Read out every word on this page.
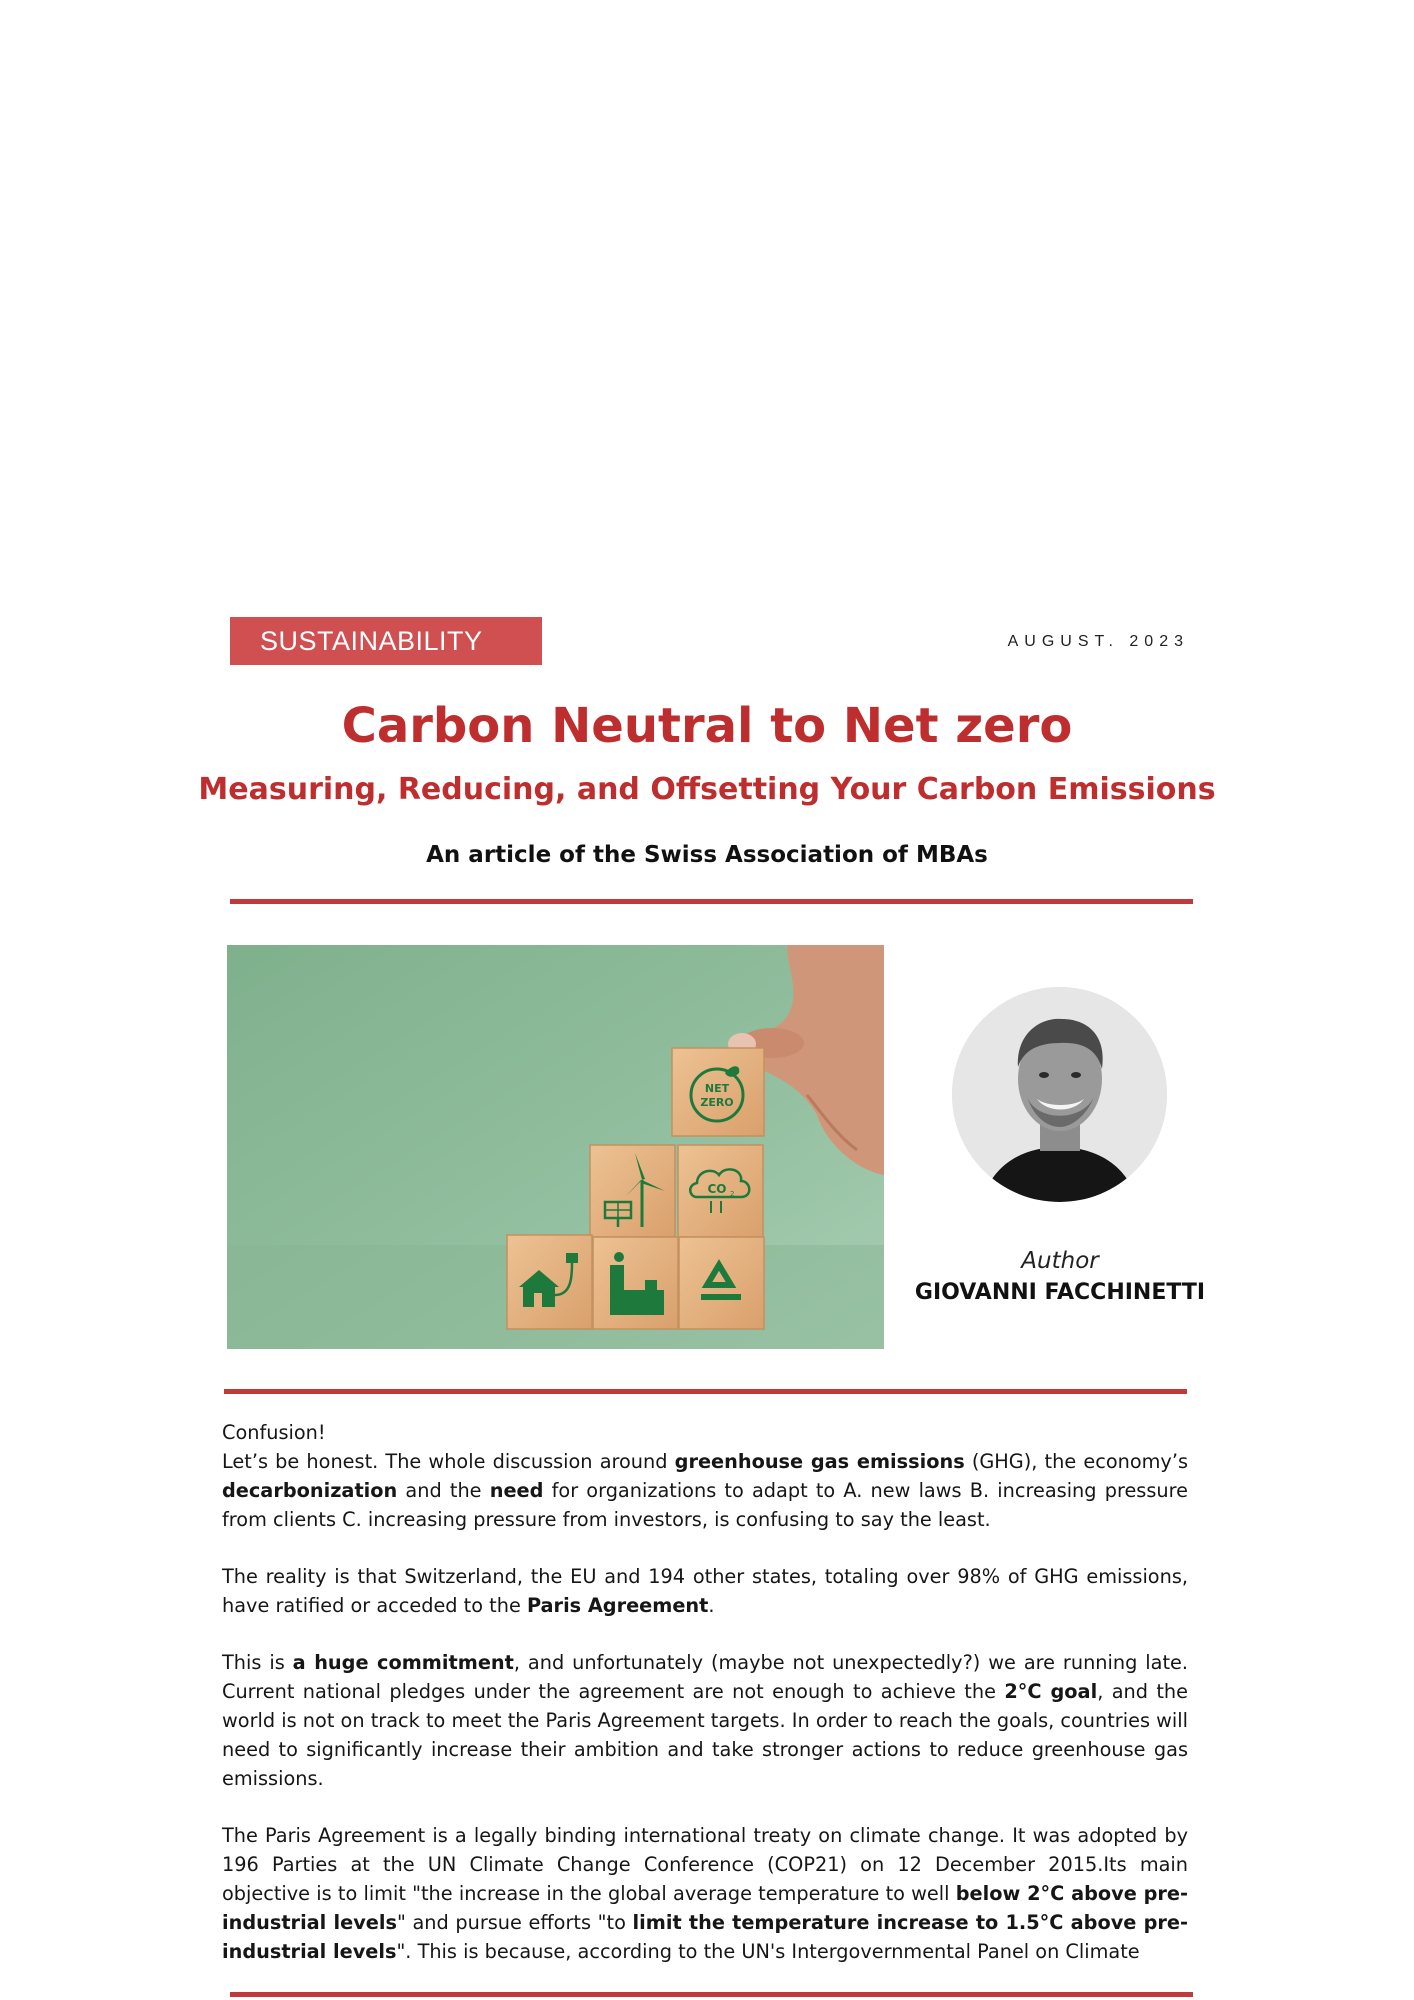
SUSTAINABILITY	AUGUST. 2023
Carbon Neutral to Net zero
Measuring, Reducing, and Offsetting Your Carbon Emissions
An article of the Swiss Association of MBAs
NET
ZERO
CO 2
Author
GIOVANNI FACCHINETTI

Confusion!

Let’s be honest. The whole discussion around greenhouse gas emissions (GHG), the economy’s decarbonization and the need for organizations to adapt to A. new laws B. increasing pressure from clients C. increasing pressure from investors, is confusing to say the least.

The reality is that Switzerland, the EU and 194 other states, totaling over 98% of GHG emissions, have ratified or acceded to the Paris Agreement.

This is a huge commitment, and unfortunately (maybe not unexpectedly?) we are running late. Current national pledges under the agreement are not enough to achieve the 2°C goal, and the world is not on track to meet the Paris Agreement targets. In order to reach the goals, countries will need to significantly increase their ambition and take stronger actions to reduce greenhouse gas emissions.

The Paris Agreement is a legally binding international treaty on climate change. It was adopted by 196 Parties at the UN Climate Change Conference (COP21) on 12 December 2015.Its main objective is to limit "the increase in the global average temperature to well below 2°C above pre-industrial levels" and pursue efforts "to limit the temperature increase to 1.5°C above pre-industrial levels". This is because, according to the UN's Intergovernmental Panel on Climate
